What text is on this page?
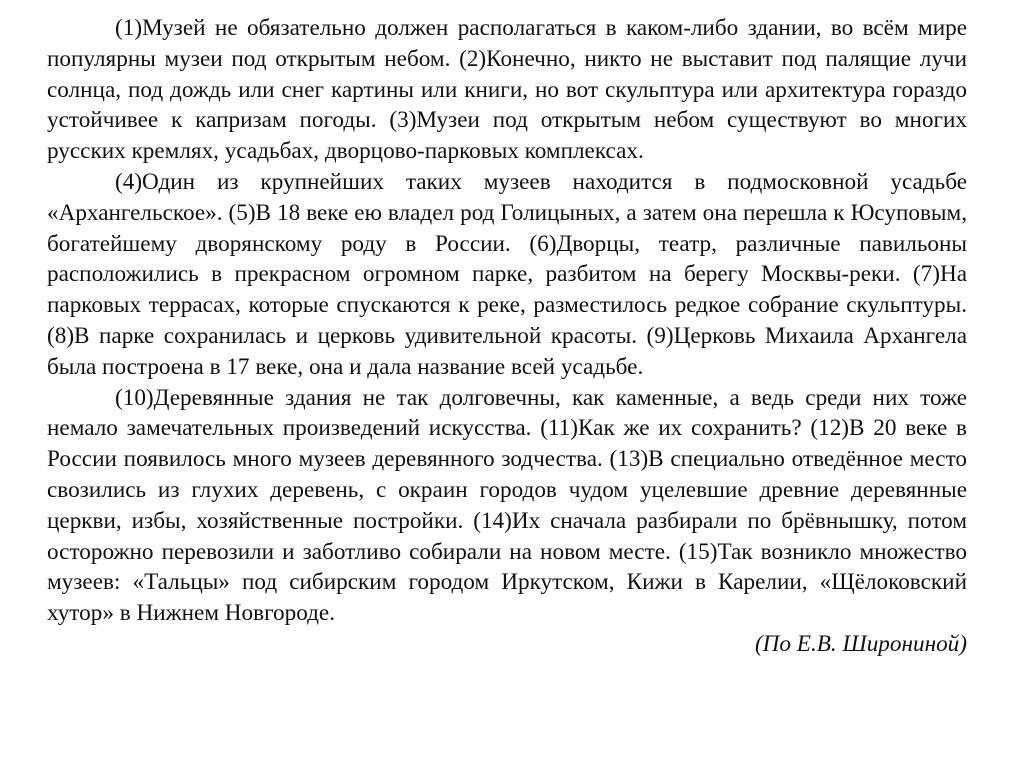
(1)Музей не обязательно должен располагаться в каком-либо здании, во всём мире популярны музеи под открытым небом. (2)Конечно, никто не выставит под палящие лучи солнца, под дождь или снег картины или книги, но вот скульптура или архитектура гораздо устойчивее к капризам погоды. (3)Музеи под открытым небом существуют во многих русских кремлях, усадьбах, дворцово-парковых комплексах.

(4)Один из крупнейших таких музеев находится в подмосковной усадьбе «Архангельское». (5)В 18 веке ею владел род Голицыных, а затем она перешла к Юсуповым, богатейшему дворянскому роду в России. (6)Дворцы, театр, различные павильоны расположились в прекрасном огромном парке, разбитом на берегу Москвы-реки. (7)На парковых террасах, которые спускаются к реке, разместилось редкое собрание скульптуры. (8)В парке сохранилась и церковь удивительной красоты. (9)Церковь Михаила Архангела была построена в 17 веке, она и дала название всей усадьбе.

(10)Деревянные здания не так долговечны, как каменные, а ведь среди них тоже немало замечательных произведений искусства. (11)Как же их сохранить? (12)В 20 веке в России появилось много музеев деревянного зодчества. (13)В специально отведённое место свозились из глухих деревень, с окраин городов чудом уцелевшие древние деревянные церкви, избы, хозяйственные постройки. (14)Их сначала разбирали по брёвнышку, потом осторожно перевозили и заботливо собирали на новом месте. (15)Так возникло множество музеев: «Тальцы» под сибирским городом Иркутском, Кижи в Карелии, «Щёлоковский хутор» в Нижнем Новгороде.

(По Е.В. Широниной)
